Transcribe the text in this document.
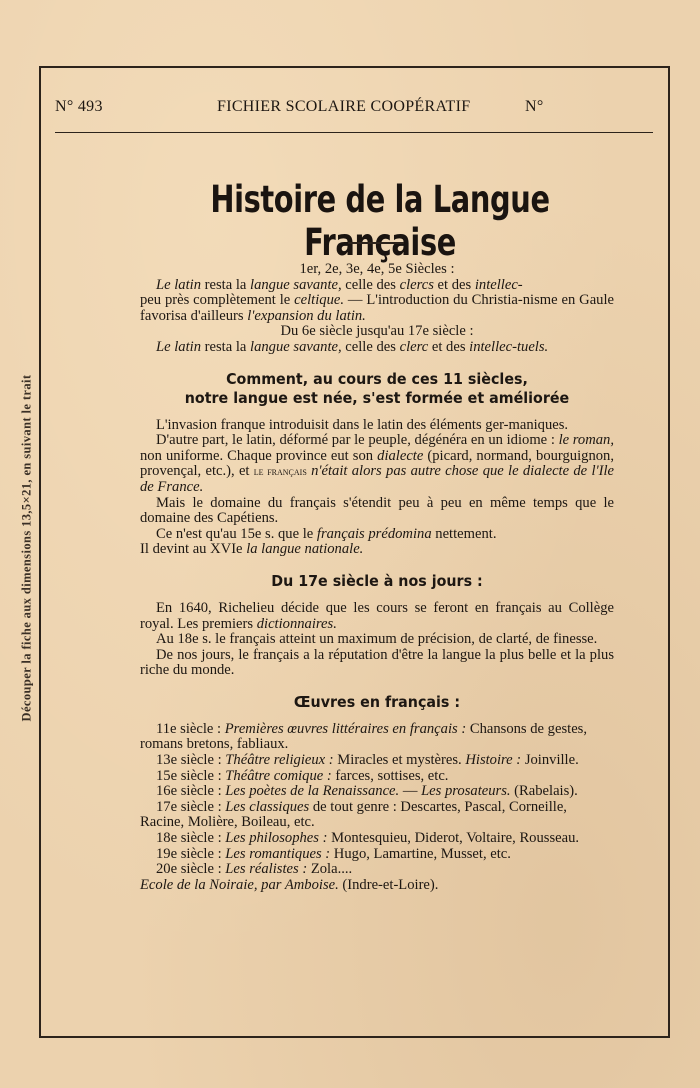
Découper la fiche aux dimensions 13,5×21, en suivant le trait
N° 493	FICHIER SCOLAIRE COOPÉRATIF	N°
Histoire de la Langue Française

1er, 2e, 3e, 4e, 5e Siècles :

Le latin resta la langue savante, celle des clercs et des intellec-

peu près complètement le celtique. — L'introduction du Christia-nisme en Gaule favorisa d'ailleurs l'expansion du latin.

Du 6e siècle jusqu'au 17e siècle :

Le latin resta la langue savante, celle des clerc et des intellec-tuels.

Comment, au cours de ces 11 siècles,
notre langue est née, s'est formée et améliorée

L'invasion franque introduisit dans le latin des éléments ger-maniques.

D'autre part, le latin, déformé par le peuple, dégénéra en un idiome : le roman, non uniforme. Chaque province eut son dialecte (picard, normand, bourguignon, provençal, etc.), et le français n'était alors pas autre chose que le dialecte de l'Ile de France.

Mais le domaine du français s'étendit peu à peu en même temps que le domaine des Capétiens.

Ce n'est qu'au 15e s. que le français prédomina nettement.

Il devint au XVIe la langue nationale.

Du 17e siècle à nos jours :

En 1640, Richelieu décide que les cours se feront en français au Collège royal. Les premiers dictionnaires.

Au 18e s. le français atteint un maximum de précision, de clarté, de finesse.

De nos jours, le français a la réputation d'être la langue la plus belle et la plus riche du monde.

Œuvres en français :

11e siècle : Premières œuvres littéraires en français : Chansons de gestes, romans bretons, fabliaux.

13e siècle : Théâtre religieux : Miracles et mystères. Histoire : Joinville.

15e siècle : Théâtre comique : farces, sottises, etc.

16e siècle : Les poètes de la Renaissance. — Les prosateurs. (Rabelais).

17e siècle : Les classiques de tout genre : Descartes, Pascal, Corneille, Racine, Molière, Boileau, etc.

18e siècle : Les philosophes : Montesquieu, Diderot, Voltaire, Rousseau.

19e siècle : Les romantiques : Hugo, Lamartine, Musset, etc.

20e siècle : Les réalistes : Zola....

Ecole de la Noiraie, par Amboise. (Indre-et-Loire).
